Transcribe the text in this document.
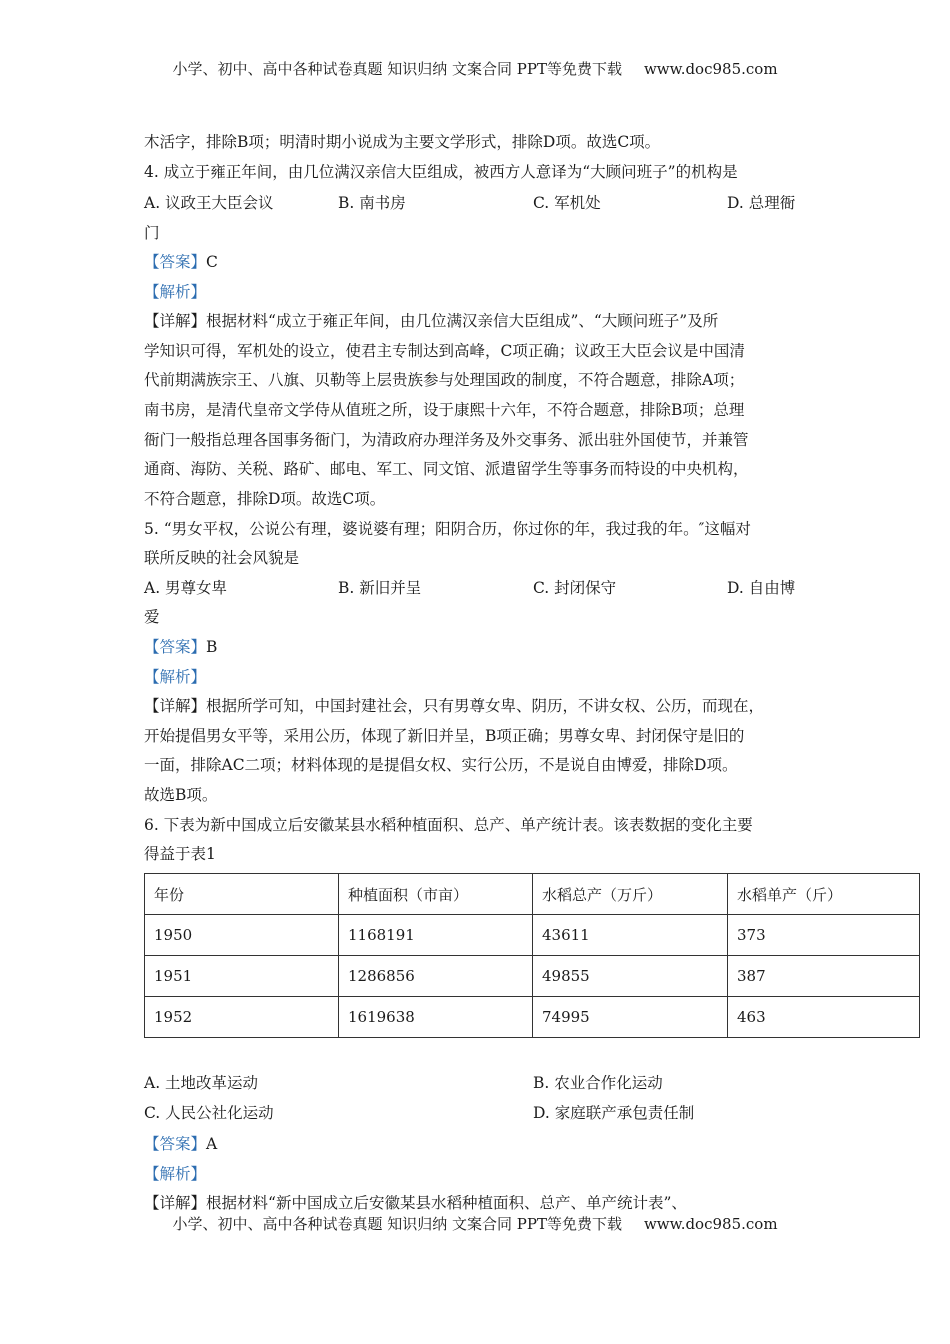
小学、初中、高中各种试卷真题 知识归纳 文案合同 PPT等免费下载 www.doc985.com
木活字，排除B项；明清时期小说成为主要文学形式，排除D项。故选C项。
4. 成立于雍正年间，由几位满汉亲信大臣组成，被西方人意译为“大顾问班子”的机构是
A. 议政王大臣会议	B. 南书房	C. 军机处	D. 总理衙
门
【答案】C
【解析】
【详解】根据材料“成立于雍正年间，由几位满汉亲信大臣组成”、“大顾问班子”及所
学知识可得，军机处的设立，使君主专制达到高峰，C项正确；议政王大臣会议是中国清
代前期满族宗王、八旗、贝勒等上层贵族参与处理国政的制度，不符合题意，排除A项；
南书房，是清代皇帝文学侍从值班之所，设于康熙十六年，不符合题意，排除B项；总理
衙门一般指总理各国事务衙门，为清政府办理洋务及外交事务、派出驻外国使节，并兼管
通商、海防、关税、路矿、邮电、军工、同文馆、派遣留学生等事务而特设的中央机构，
不符合题意，排除D项。故选C项。
5. “男女平权，公说公有理，婆说婆有理；阳阴合历，你过你的年，我过我的年。″这幅对
联所反映的社会风貌是
A. 男尊女卑	B. 新旧并呈	C. 封闭保守	D. 自由博
爱
【答案】B
【解析】
【详解】根据所学可知，中国封建社会，只有男尊女卑、阴历，不讲女权、公历，而现在，
开始提倡男女平等，采用公历，体现了新旧并呈，B项正确；男尊女卑、封闭保守是旧的
一面，排除AC二项；材料体现的是提倡女权、实行公历，不是说自由博爱，排除D项。
故选B项。
6. 下表为新中国成立后安徽某县水稻种植面积、总产、单产统计表。该表数据的变化主要
得益于表1
年份	种植面积（市亩）	水稻总产（万斤）	水稻单产（斤）
1950	1168191	43611	373
1951	1286856	49855	387
1952	1619638	74995	463
A. 土地改革运动	B. 农业合作化运动
C. 人民公社化运动	D. 家庭联产承包责任制
【答案】A
【解析】
【详解】根据材料“新中国成立后安徽某县水稻种植面积、总产、单产统计表”、
小学、初中、高中各种试卷真题 知识归纳 文案合同 PPT等免费下载 www.doc985.com
